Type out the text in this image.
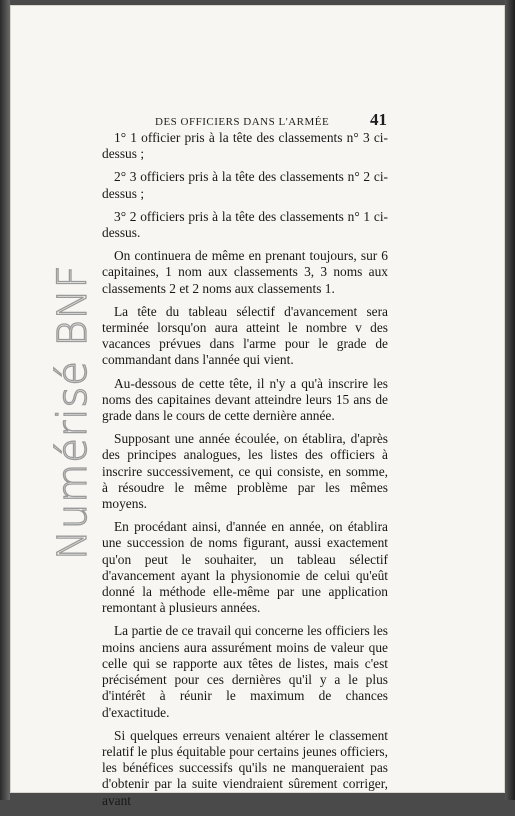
Numérisé BNF
DES OFFICIERS DANS L'ARMÉE 41

1° 1 officier pris à la tête des classements n° 3 ci-dessus ;

2° 3 officiers pris à la tête des classements n° 2 ci-dessus ;

3° 2 officiers pris à la tête des classements n° 1 ci-dessus.

On continuera de même en prenant toujours, sur 6 capitaines, 1 nom aux classements 3, 3 noms aux classements 2 et 2 noms aux classements 1.

La tête du tableau sélectif d'avancement sera terminée lorsqu'on aura atteint le nombre v des vacances prévues dans l'arme pour le grade de commandant dans l'année qui vient.

Au-dessous de cette tête, il n'y a qu'à inscrire les noms des capitaines devant atteindre leurs 15 ans de grade dans le cours de cette dernière année.

Supposant une année écoulée, on établira, d'après des principes analogues, les listes des officiers à inscrire successivement, ce qui consiste, en somme, à résoudre le même problème par les mêmes moyens.

En procédant ainsi, d'année en année, on établira une succession de noms figurant, aussi exactement qu'on peut le souhaiter, un tableau sélectif d'avancement ayant la physionomie de celui qu'eût donné la méthode elle-même par une application remontant à plusieurs années.

La partie de ce travail qui concerne les officiers les moins anciens aura assurément moins de valeur que celle qui se rapporte aux têtes de listes, mais c'est précisément pour ces dernières qu'il y a le plus d'intérêt à réunir le maximum de chances d'exactitude.

Si quelques erreurs venaient altérer le classement relatif le plus équitable pour certains jeunes officiers, les bénéfices successifs qu'ils ne manqueraient pas d'obtenir par la suite viendraient sûrement corriger, avant
